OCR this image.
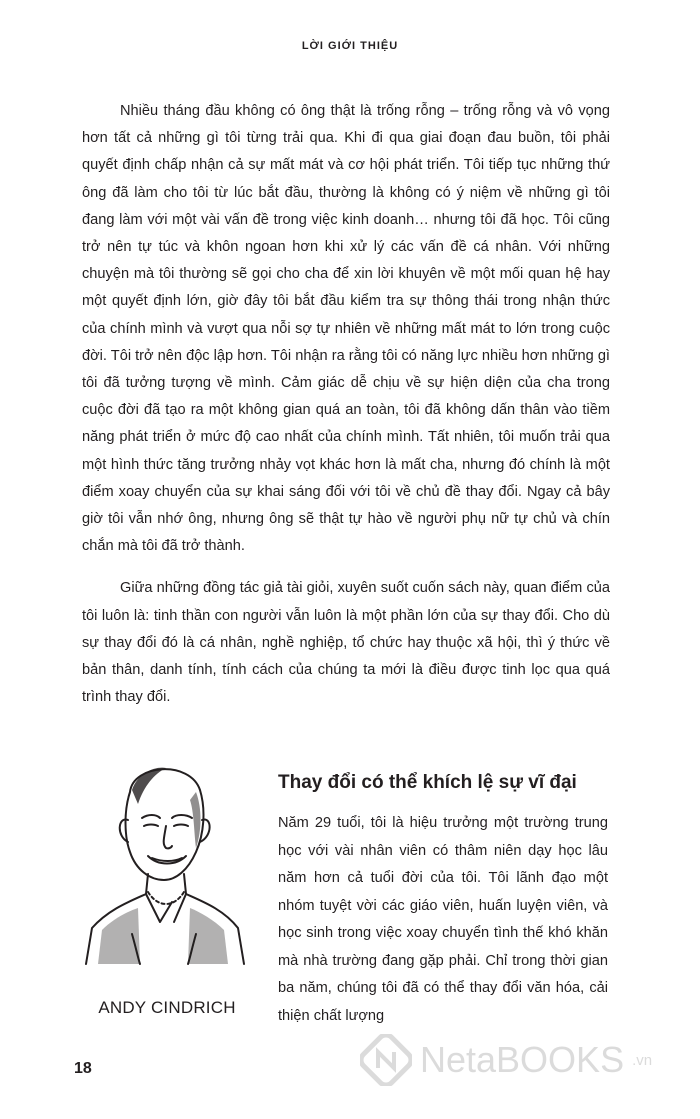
LỜI GIỚI THIỆU

Nhiều tháng đầu không có ông thật là trống rỗng – trống rỗng và vô vọng hơn tất cả những gì tôi từng trải qua. Khi đi qua giai đoạn đau buồn, tôi phải quyết định chấp nhận cả sự mất mát và cơ hội phát triển. Tôi tiếp tục những thứ ông đã làm cho tôi từ lúc bắt đầu, thường là không có ý niệm về những gì tôi đang làm với một vài vấn đề trong việc kinh doanh… nhưng tôi đã học. Tôi cũng trở nên tự túc và khôn ngoan hơn khi xử lý các vấn đề cá nhân. Với những chuyện mà tôi thường sẽ gọi cho cha để xin lời khuyên về một mối quan hệ hay một quyết định lớn, giờ đây tôi bắt đầu kiểm tra sự thông thái trong nhận thức của chính mình và vượt qua nỗi sợ tự nhiên về những mất mát to lớn trong cuộc đời. Tôi trở nên độc lập hơn. Tôi nhận ra rằng tôi có năng lực nhiều hơn những gì tôi đã tưởng tượng về mình. Cảm giác dễ chịu về sự hiện diện của cha trong cuộc đời đã tạo ra một không gian quá an toàn, tôi đã không dấn thân vào tiềm năng phát triển ở mức độ cao nhất của chính mình. Tất nhiên, tôi muốn trải qua một hình thức tăng trưởng nhảy vọt khác hơn là mất cha, nhưng đó chính là một điểm xoay chuyển của sự khai sáng đối với tôi về chủ đề thay đổi. Ngay cả bây giờ tôi vẫn nhớ ông, nhưng ông sẽ thật tự hào về người phụ nữ tự chủ và chín chắn mà tôi đã trở thành.

Giữa những đồng tác giả tài giỏi, xuyên suốt cuốn sách này, quan điểm của tôi luôn là: tinh thần con người vẫn luôn là một phần lớn của sự thay đổi. Cho dù sự thay đổi đó là cá nhân, nghề nghiệp, tổ chức hay thuộc xã hội, thì ý thức về bản thân, danh tính, tính cách của chúng ta mới là điều được tinh lọc qua quá trình thay đổi.

ANDY CINDRICH
Thay đổi có thể khích lệ sự vĩ đại

Năm 29 tuổi, tôi là hiệu trưởng một trường trung học với vài nhân viên có thâm niên dạy học lâu năm hơn cả tuổi đời của tôi. Tôi lãnh đạo một nhóm tuyệt vời các giáo viên, huấn luyện viên, và học sinh trong việc xoay chuyển tình thế khó khăn mà nhà trường đang gặp phải. Chỉ trong thời gian ba năm, chúng tôi đã có thể thay đổi văn hóa, cải thiện chất lượng

18	NetaBOOKS .vn
